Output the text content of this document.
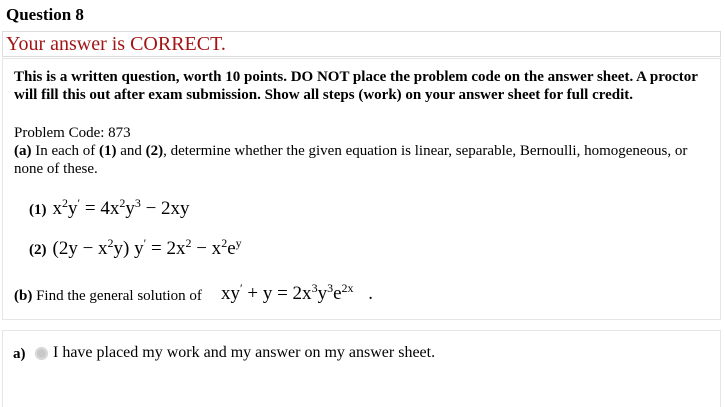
Question 8
Your answer is CORRECT.
This is a written question, worth 10 points. DO NOT place the problem code on the answer sheet. A proctor will fill this out after exam submission. Show all steps (work) on your answer sheet for full credit.
Problem Code: 873
(a) In each of (1) and (2), determine whether the given equation is linear, separable, Bernoulli, homogeneous, or none of these.
(1) $x^2y' = 4x^2y^3 - 2xy$
(2) $(2y - x^2y)$ $y' = 2x^2 - x^2e^y$
(b) Find the general solution of $xy' + y = 2x^3y^3e^{2x}$ .
a) I have placed my work and my answer on my answer sheet.
